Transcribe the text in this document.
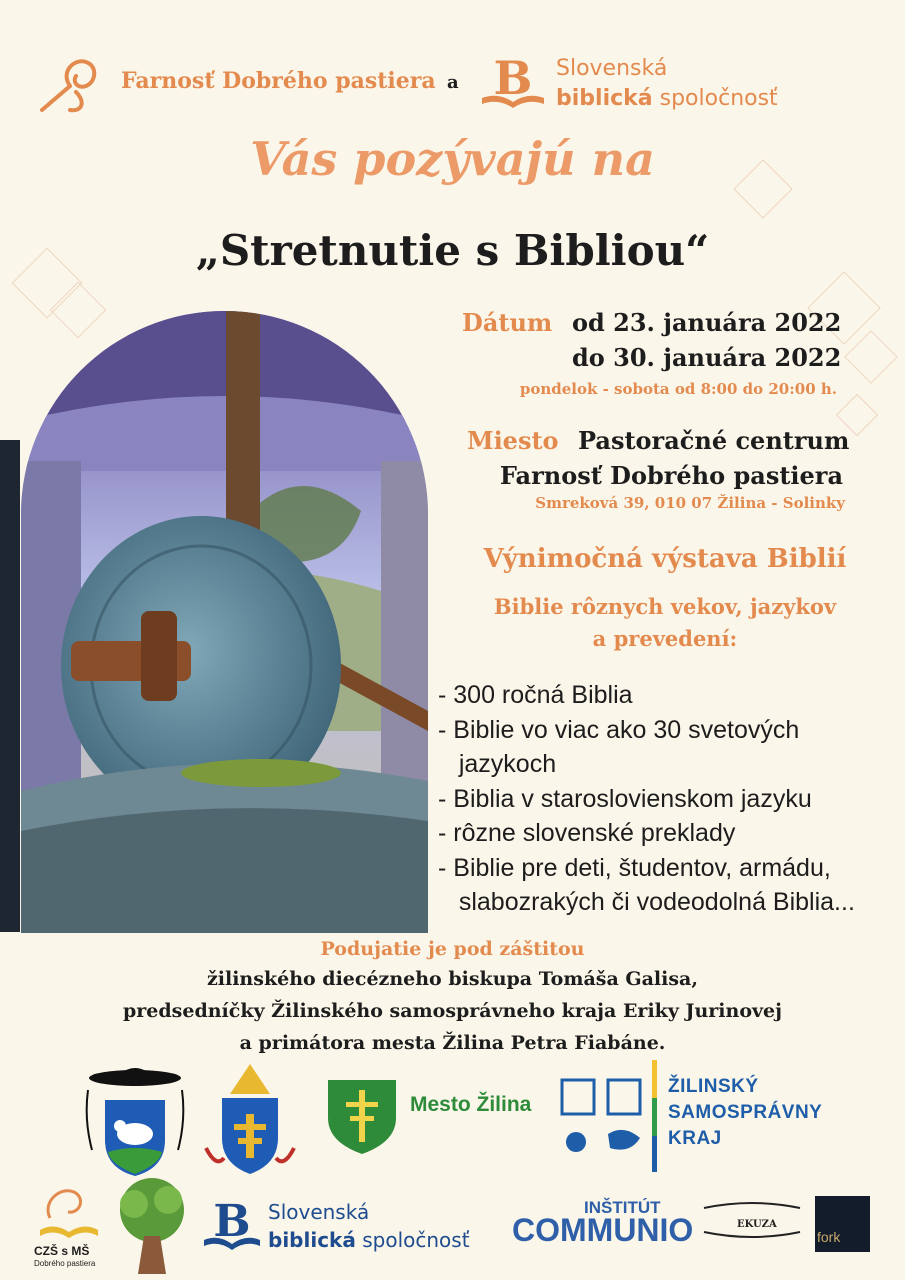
Farnosť Dobrého pastiera a B Slovenská
biblická spoločnosť
Vás pozývajú na
„Stretnutie s Bibliou“
Dátum od 23. januára 2022
do 30. januára 2022
pondelok - sobota od 8:00 do 20:00 h.
Miesto Pastoračné centrum
Farnosť Dobrého pastiera
Smreková 39, 010 07 Žilina - Solinky
Výnimočná výstava Biblií
Biblie rôznych vekov, jazykov
a prevedení:
- 300 ročná Biblia
- Biblie vo viac ako 30 svetových
jazykoch
- Biblia v staroslovienskom jazyku
- rôzne slovenské preklady
- Biblie pre deti, študentov, armádu,
slabozrakých či vodeodolná Biblia...
Podujatie je pod záštitou
žilinského diecézneho biskupa Tomáša Galisa,
predsedníčky Žilinského samosprávneho kraja Eriky Jurinovej
a primátora mesta Žilina Petra Fiabáne.
Mesto Žilina
ŽILINSKÝ
SAMOSPRÁVNY
KRAJ
CZŠ s MŠ
Dobrého pastiera
B Slovenská
biblická spoločnosť
INŠTITÚT
COMMUNIO	EKUZA
fork
